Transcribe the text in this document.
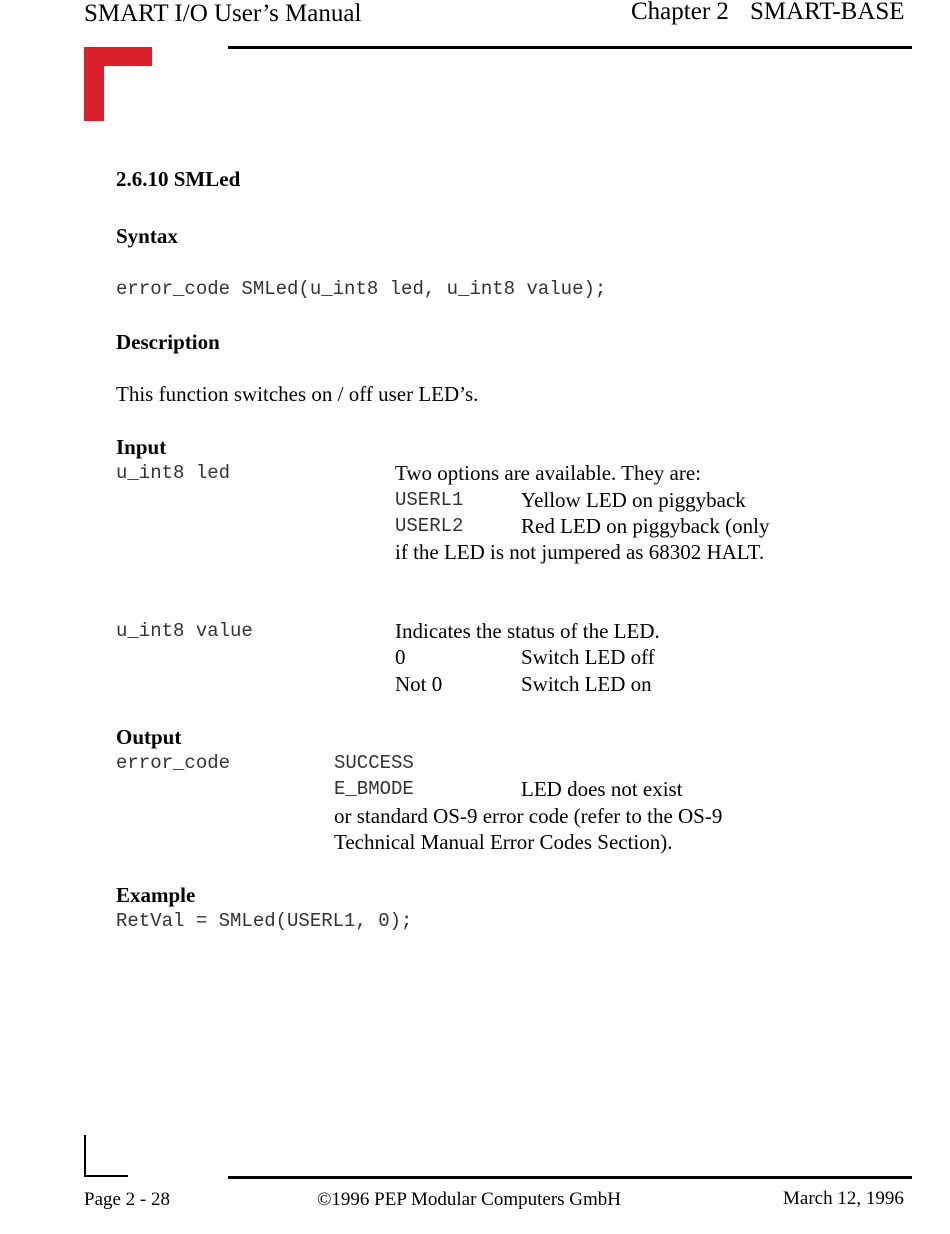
SMART I/O User’s Manual	Chapter 2 SMART-BASE
2.6.10 SMLed
Syntax
error_code SMLed(u_int8 led, u_int8 value);
Description
This function switches on / off user LED’s.
Input
u_int8 led	Two options are available. They are:
USERL1	Yellow LED on piggyback
USERL2	Red LED on piggyback (only
if the LED is not jumpered as 68302 HALT.
u_int8 value	Indicates the status of the LED.
0	Switch LED off
Not 0	Switch LED on
Output
error_code	SUCCESS
E_BMODE	LED does not exist
or standard OS-9 error code (refer to the OS-9
Technical Manual Error Codes Section).
Example
RetVal = SMLed(USERL1, 0);
Page 2 - 28	©1996 PEP Modular Computers GmbH	March 12, 1996
